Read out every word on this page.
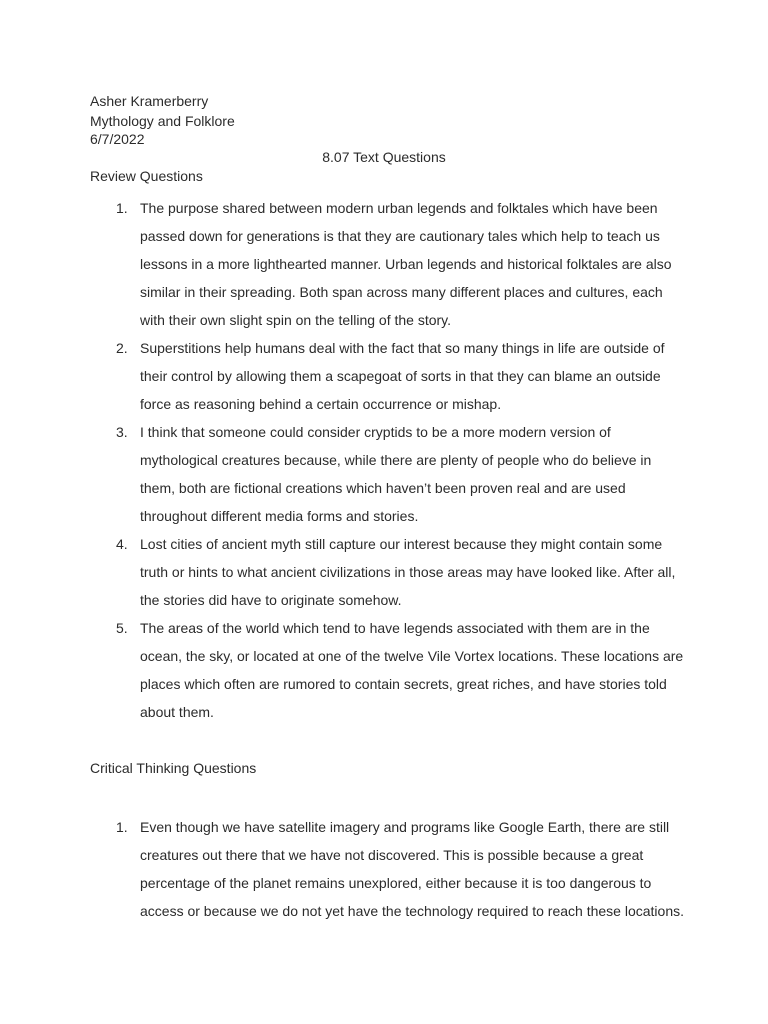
Asher Kramerberry
Mythology and Folklore
6/7/2022
8.07 Text Questions
Review Questions
1. The purpose shared between modern urban legends and folktales which have been passed down for generations is that they are cautionary tales which help to teach us lessons in a more lighthearted manner. Urban legends and historical folktales are also similar in their spreading. Both span across many different places and cultures, each with their own slight spin on the telling of the story.
2. Superstitions help humans deal with the fact that so many things in life are outside of their control by allowing them a scapegoat of sorts in that they can blame an outside force as reasoning behind a certain occurrence or mishap.
3. I think that someone could consider cryptids to be a more modern version of mythological creatures because, while there are plenty of people who do believe in them, both are fictional creations which haven’t been proven real and are used throughout different media forms and stories.
4. Lost cities of ancient myth still capture our interest because they might contain some truth or hints to what ancient civilizations in those areas may have looked like. After all, the stories did have to originate somehow.
5. The areas of the world which tend to have legends associated with them are in the ocean, the sky, or located at one of the twelve Vile Vortex locations. These locations are places which often are rumored to contain secrets, great riches, and have stories told about them.
Critical Thinking Questions
1. Even though we have satellite imagery and programs like Google Earth, there are still creatures out there that we have not discovered. This is possible because a great percentage of the planet remains unexplored, either because it is too dangerous to access or because we do not yet have the technology required to reach these locations.
